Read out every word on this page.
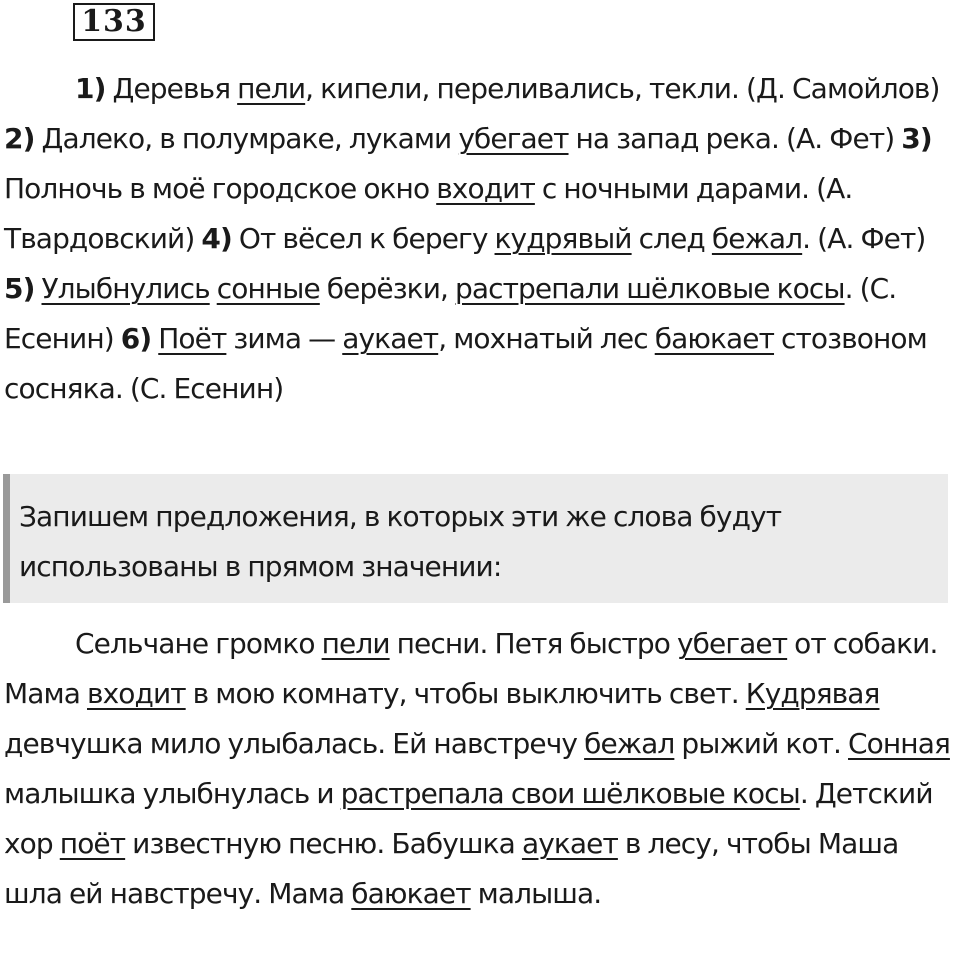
133

1) Деревья пели, кипели, переливались, текли. (Д. Самойлов) 2) Далеко, в полумраке, луками убегает на запад река. (А. Фет) 3) Полночь в моё городское окно входит с ночными дарами. (А. Твардовский) 4) От вёсел к берегу кудрявый след бежал. (А. Фет) 5) Улыбнулись сонные берёзки, растрепали шёлковые косы. (С. Есенин) 6) Поёт зима — аукает, мохнатый лес баюкает стозвоном сосняка. (С. Есенин)

Запишем предложения, в которых эти же слова будут использованы в прямом значении:

Сельчане громко пели песни. Петя быстро убегает от собаки. Мама входит в мою комнату, чтобы выключить свет. Кудрявая девчушка мило улыбалась. Ей навстречу бежал рыжий кот. Сонная малышка улыбнулась и растрепала свои шёлковые косы. Детский хор поёт известную песню. Бабушка аукает в лесу, чтобы Маша шла ей навстречу. Мама баюкает малыша.
